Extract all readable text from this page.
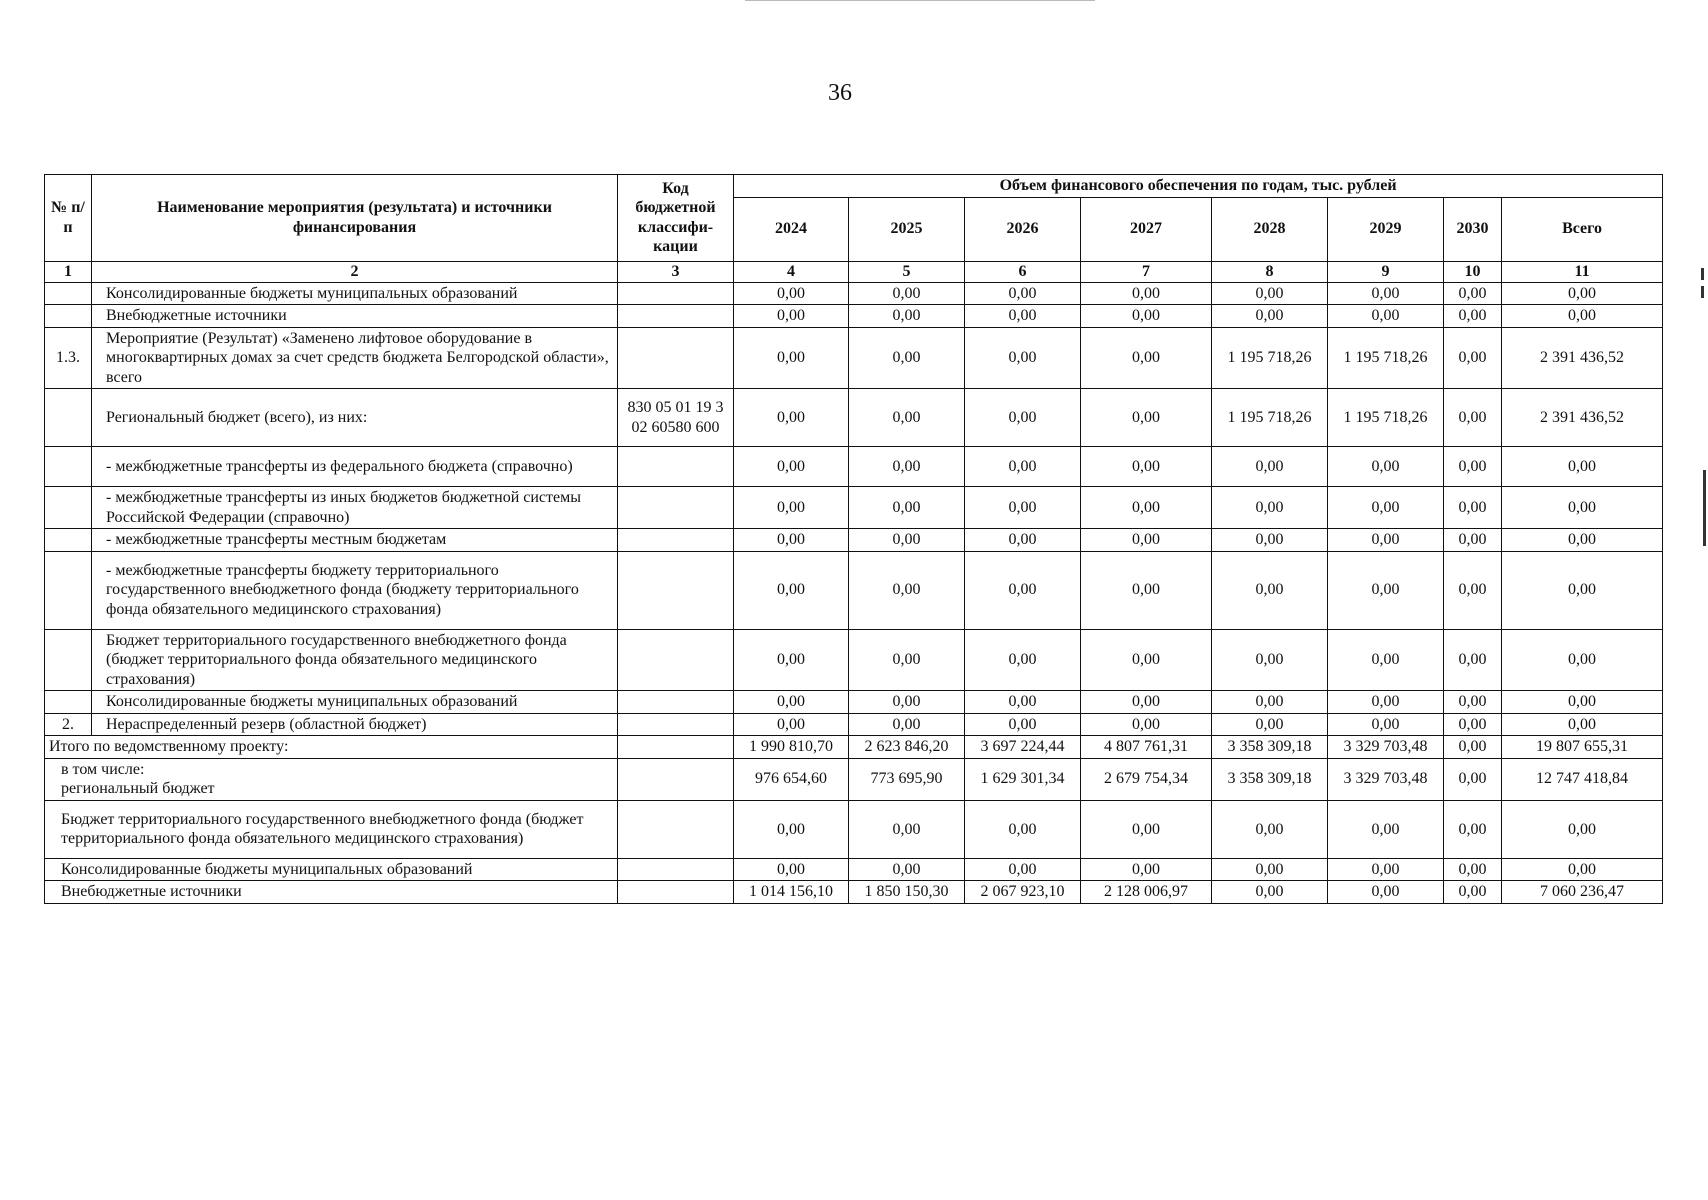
36
№ п/п	Наименование мероприятия (результата) и источники финансирования	Код бюджетной классифи-кации	Объем финансового обеспечения по годам, тыс. рублей							
			2024	2025	2026	2027	2028	2029	2030	Всего
1	2	3	4	5	6	7	8	9	10	11
	Консолидированные бюджеты муниципальных образований		0,00	0,00	0,00	0,00	0,00	0,00	0,00	0,00
	Внебюджетные источники		0,00	0,00	0,00	0,00	0,00	0,00	0,00	0,00
1.3.	Мероприятие (Результат) «Заменено лифтовое оборудование в многоквартирных домах за счет средств бюджета Белгородской области», всего		0,00	0,00	0,00	0,00	1 195 718,26	1 195 718,26	0,00	2 391 436,52
	Региональный бюджет (всего), из них:	830 05 01 19 3 02 60580 600	0,00	0,00	0,00	0,00	1 195 718,26	1 195 718,26	0,00	2 391 436,52
	- межбюджетные трансферты из федерального бюджета (справочно)		0,00	0,00	0,00	0,00	0,00	0,00	0,00	0,00
	- межбюджетные трансферты из иных бюджетов бюджетной системы Российской Федерации (справочно)		0,00	0,00	0,00	0,00	0,00	0,00	0,00	0,00
	- межбюджетные трансферты местным бюджетам		0,00	0,00	0,00	0,00	0,00	0,00	0,00	0,00
	- межбюджетные трансферты бюджету территориального государственного внебюджетного фонда (бюджету территориального фонда обязательного медицинского страхования)		0,00	0,00	0,00	0,00	0,00	0,00	0,00	0,00
	Бюджет территориального государственного внебюджетного фонда (бюджет территориального фонда обязательного медицинского страхования)		0,00	0,00	0,00	0,00	0,00	0,00	0,00	0,00
	Консолидированные бюджеты муниципальных образований		0,00	0,00	0,00	0,00	0,00	0,00	0,00	0,00
2.	Нераспределенный резерв (областной бюджет)		0,00	0,00	0,00	0,00	0,00	0,00	0,00	0,00
Итого по ведомственному проекту:			1 990 810,70	2 623 846,20	3 697 224,44	4 807 761,31	3 358 309,18	3 329 703,48	0,00	19 807 655,31
в том числе:
региональный бюджет			976 654,60	773 695,90	1 629 301,34	2 679 754,34	3 358 309,18	3 329 703,48	0,00	12 747 418,84
Бюджет территориального государственного внебюджетного фонда (бюджет территориального фонда обязательного медицинского страхования)			0,00	0,00	0,00	0,00	0,00	0,00	0,00	0,00
Консолидированные бюджеты муниципальных образований			0,00	0,00	0,00	0,00	0,00	0,00	0,00	0,00
Внебюджетные источники			1 014 156,10	1 850 150,30	2 067 923,10	2 128 006,97	0,00	0,00	0,00	7 060 236,47
